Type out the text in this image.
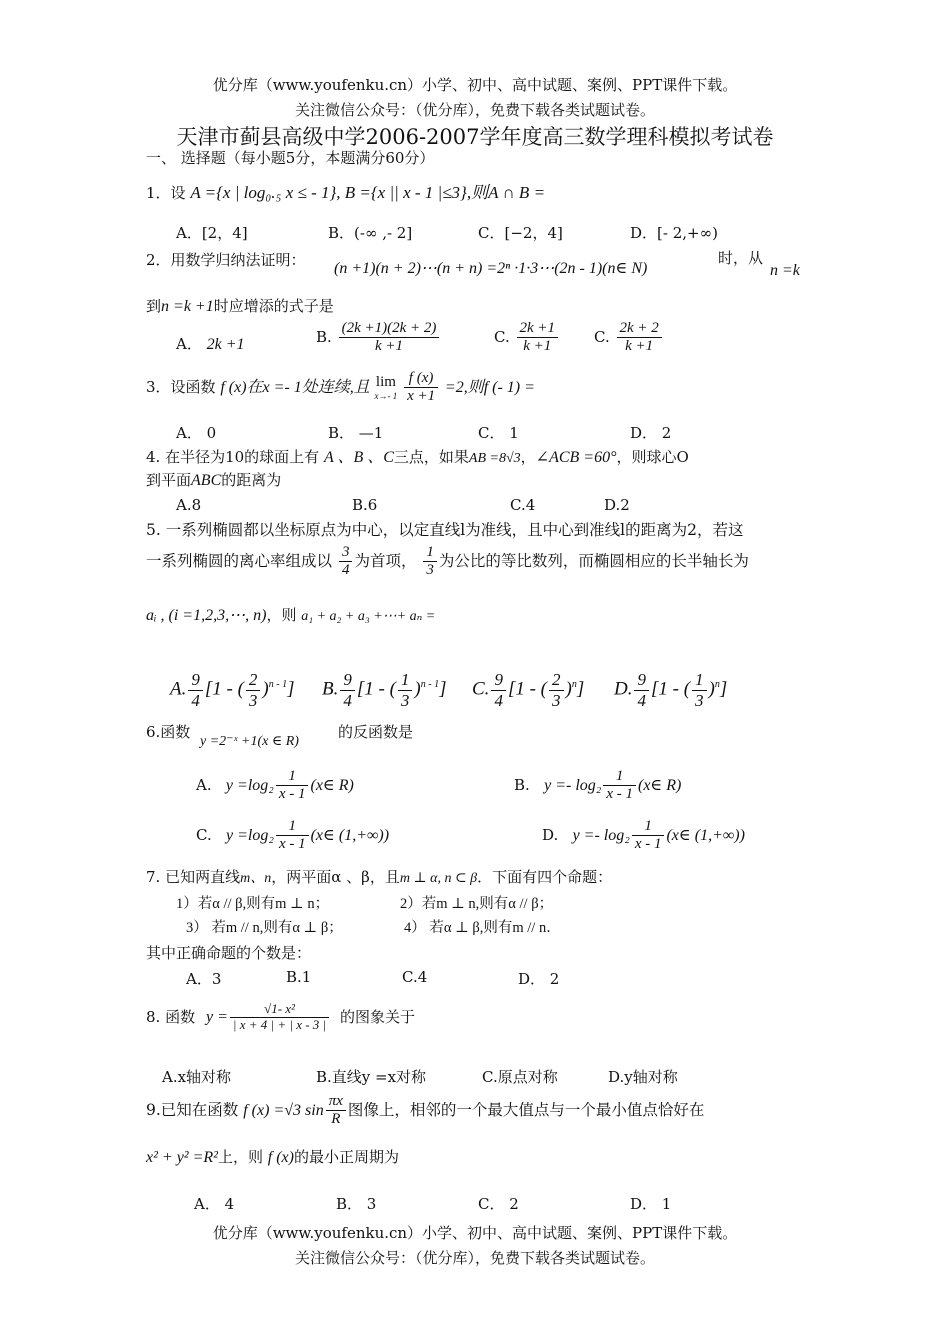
优分库（www.youfenku.cn）小学、初中、高中试题、案例、PPT课件下载。
关注微信公众号：（优分库），免费下载各类试题试卷。
天津市蓟县高级中学2006-2007学年度高三数学理科模拟考试卷
一、 选择题（每小题5分，本题满分60分）
1．设 A ={x | log₀.₅ x ≤ - 1}, B ={x || x - 1 |≤3},则A ∩ B =
A．[2，4]	B．(-∞ ,- 2]	C．[−2，4]	D．[- 2,+∞)
2．用数学归纳法证明： (n +1)(n + 2)⋯(n + n) =2ⁿ ·1·3⋯(2n - 1)(n∈ N)
时，从
n =k
到n =k +1时应增添的式子是
A． 2k +1	B. $\frac{(2k +1)(2k + 2)}{k +1}$	C. $\frac{2k +1}{k +1} C$. $\frac{2k + 2}{k +1}$
3．设函数 f (x)在x =- 1处连续,且 lim
x→- 1
$\frac{f (x)}{x +1} =2$,则f (- 1) =
A． 0	B． —1	C． 1	D． 2
4. 在半径为10的球面上有 A 、B 、C三点，如果AB =8√3，∠ACB =60°，则球心O
到平面ABC的距离为
A.8	B.6	C.4	D.2
5. 一系列椭圆都以坐标原点为中心，以定直线l为准线，且中心到准线l的距离为2，若这
一系列椭圆的离心率组成以 $\frac{3}{4}$ 为首项， $\frac{1}{3}$ 为公比的等比数列，而椭圆相应的长半轴长为
aᵢ , (i =1,2,3,⋯, n)，则 a₁ + a₂ + a₃ +⋯+ aₙ =
A. $\frac{9}{4} [1$ - ( $\frac{2}{3} )^{n - 1}$] B. $\frac{9}{4} [1$ - ( $\frac{1}{3} )^{n - 1}$] C. $\frac{9}{4} [1$ - ( $\frac{2}{3} )^n$] D. $\frac{9}{4} [1$ - ( $\frac{1}{3} )^n$]
6.函数
y =2⁻ˣ +1(x ∈ R)
的反函数是
A. $y =\log_2 \frac{1}{x - 1}$ (x∈ R)	B. $y =- \log_2 \frac{1}{x - 1}$ (x∈ R)
C. $y =\log_2 \frac{1}{x - 1}$ (x∈ (1,+∞))	D. $y =- \log_2 \frac{1}{x - 1}$ (x∈ (1,+∞))
7. 已知两直线m、n，两平面α 、β，且m ⊥ α, n ⊂ β．下面有四个命题：
1）若α // β,则有m ⊥ n；	2）若m ⊥ n,则有α // β；
3） 若m // n,则有α ⊥ β；	4） 若α ⊥ β,则有m // n．
其中正确命题的个数是：
A．3	B.1	C.4	D． 2
8. 函数 $y = \frac{\text{√1- x²}}{| x + 4 | + | x - 3 |}$ 的图象关于
A.x轴对称	B.直线y =x对称	C.原点对称	D.y轴对称
9.已知在函数 f (x) =√3 $\sin \frac{\pi x}{R}$ 图像上，相邻的一个最大值点与一个最小值点恰好在
x² + y² =R²上，则 f (x)的最小正周期为
A． 4	B． 3	C． 2	D． 1
优分库（www.youfenku.cn）小学、初中、高中试题、案例、PPT课件下载。
关注微信公众号：（优分库），免费下载各类试题试卷。
